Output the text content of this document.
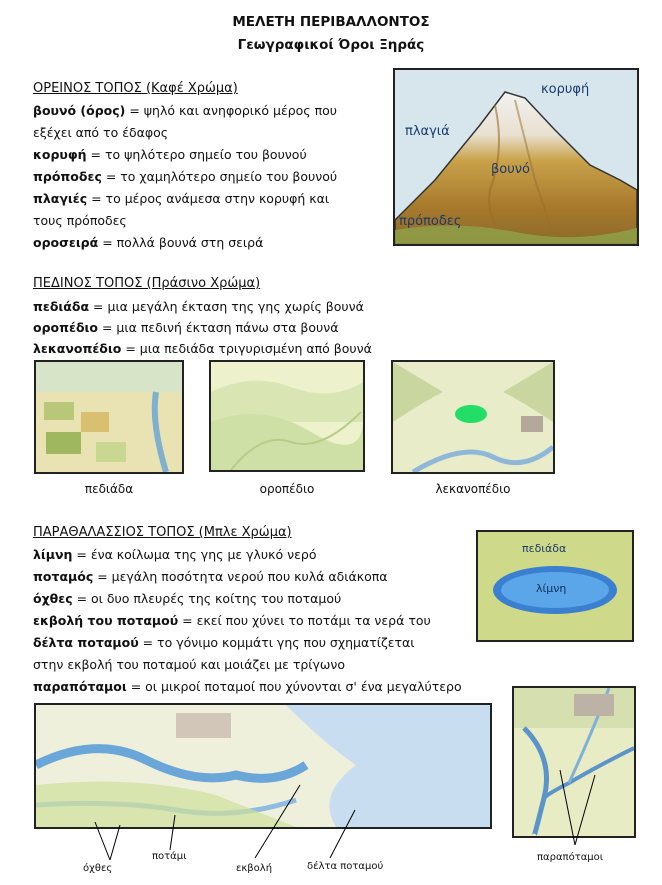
ΜΕΛΕΤΗ ΠΕΡΙΒΑΛΛΟΝΤΟΣ
Γεωγραφικοί Όροι Ξηράς
ΟΡΕΙΝΟΣ ΤΟΠΟΣ (Καφέ Χρώμα)
βουνό (όρος) = ψηλό και ανηφορικό μέρος που
εξέχει από το έδαφος
κορυφή = το ψηλότερο σημείο του βουνού
πρόποδες = το χαμηλότερο σημείο του βουνού
πλαγιές = το μέρος ανάμεσα στην κορυφή και
τους πρόποδες
οροσειρά = πολλά βουνά στη σειρά
κορυφή
πλαγιά
βουνό
πρόποδες
ΠΕΔΙΝΟΣ ΤΟΠΟΣ (Πράσινο Χρώμα)
πεδιάδα = μια μεγάλη έκταση της γης χωρίς βουνά
οροπέδιο = μια πεδινή έκταση πάνω στα βουνά
λεκανοπέδιο = μια πεδιάδα τριγυρισμένη από βουνά
πεδιάδα	οροπέδιο	λεκανοπέδιο
ΠΑΡΑΘΑΛΑΣΣΙΟΣ ΤΟΠΟΣ (Μπλε Χρώμα)
λίμνη = ένα κοίλωμα της γης με γλυκό νερό
ποταμός = μεγάλη ποσότητα νερού που κυλά αδιάκοπα
όχθες = οι δυο πλευρές της κοίτης του ποταμού
εκβολή του ποταμού = εκεί που χύνει το ποτάμι τα νερά του
δέλτα ποταμού = το γόνιμο κομμάτι γης που σχηματίζεται
στην εκβολή του ποταμού και μοιάζει με τρίγωνο
παραπόταμοι = οι μικροί ποταμοί που χύνονται σ' ένα μεγαλύτερο
πεδιάδα
λίμνη
όχθες
ποτάμι
εκβολή	δέλτα ποταμού
παραπόταμοι
